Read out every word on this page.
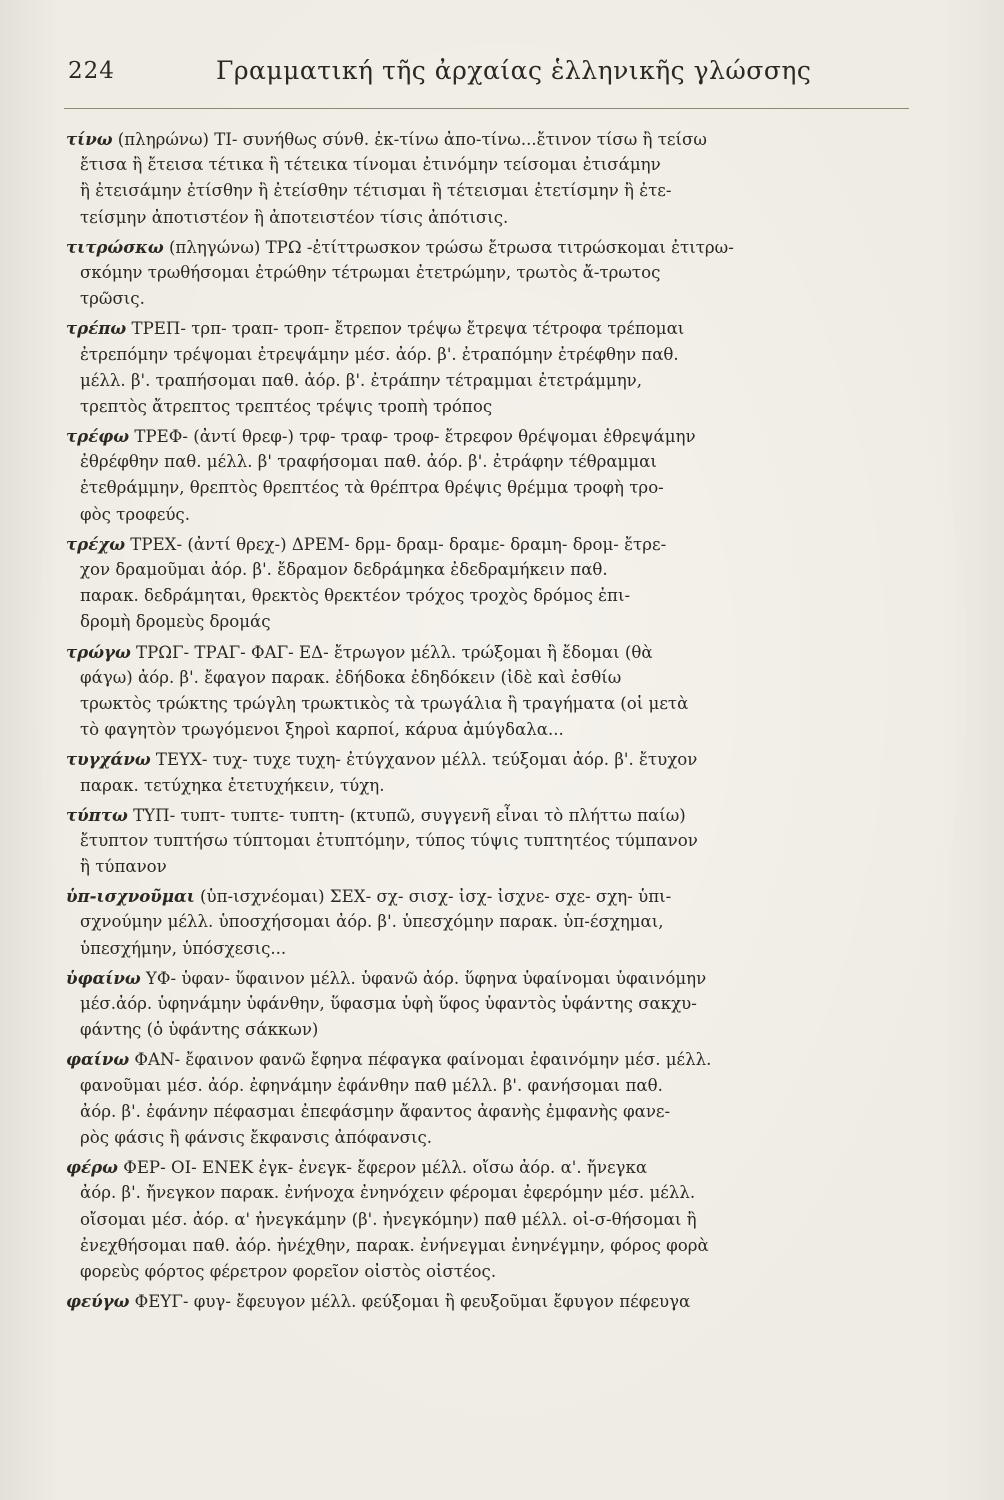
224	Γραμματική τῆς ἀρχαίας ἑλληνικῆς γλώσσης
τίνω (πληρώνω) ΤΙ- συνήθως σύνθ. ἐκ-τίνω ἀπο-τίνω...ἔτινον τίσω ἢ τείσω
ἔτισα ἢ ἔτεισα τέτικα ἢ τέτεικα τίνομαι ἐτινόμην τείσομαι ἐτισάμην
ἢ ἐτεισάμην ἐτίσθην ἢ ἐτείσθην τέτισμαι ἢ τέτεισμαι ἐτετίσμην ἢ ἐτε-
τείσμην ἀποτιστέον ἢ ἀποτειστέον τίσις ἀπότισις.
τιτρώσκω (πληγώνω) ΤΡΩ -ἐτίττρωσκον τρώσω ἔτρωσα τιτρώσκομαι ἐτιτρω-
σκόμην τρωθήσομαι ἐτρώθην τέτρωμαι ἐτετρώμην, τρωτὸς ἄ-τρωτος
τρῶσις.
τρέπω ΤΡΕΠ- τρπ- τραπ- τροπ- ἔτρεπον τρέψω ἔτρεψα τέτροφα τρέπομαι
ἐτρεπόμην τρέψομαι ἐτρεψάμην μέσ. ἀόρ. β'. ἐτραπόμην ἐτρέφθην παθ.
μέλλ. β'. τραπήσομαι παθ. ἀόρ. β'. ἐτράπην τέτραμμαι ἐτετράμμην,
τρεπτὸς ἄτρεπτος τρεπτέος τρέψις τροπὴ τρόπος
τρέφω ΤΡΕΦ- (ἀντί θρεφ-) τρφ- τραφ- τροφ- ἔτρεφον θρέψομαι ἐθρεψάμην
ἐθρέφθην παθ. μέλλ. β' τραφήσομαι παθ. ἀόρ. β'. ἐτράφην τέθραμμαι
ἐτεθράμμην, θρεπτὸς θρεπτέος τὰ θρέπτρα θρέψις θρέμμα τροφὴ τρο-
φὸς τροφεύς.
τρέχω ΤΡΕΧ- (ἀντί θρεχ-) ΔΡΕΜ- δρμ- δραμ- δραμε- δραμη- δρομ- ἔτρε-
χον δραμοῦμαι ἀόρ. β'. ἔδραμον δεδράμηκα ἐδεδραμήκειν παθ.
παρακ. δεδράμηται, θρεκτὸς θρεκτέον τρόχος τροχὸς δρόμος ἐπι-
δρομὴ δρομεὺς δρομάς
τρώγω ΤΡΩΓ- ΤΡΑΓ- ΦΑΓ- ΕΔ- ἔτρωγον μέλλ. τρώξομαι ἢ ἔδομαι (θὰ
φάγω) ἀόρ. β'. ἔφαγον παρακ. ἐδήδοκα ἐδηδόκειν (ἰδὲ καὶ ἐσθίω
τρωκτὸς τρώκτης τρώγλη τρωκτικὸς τὰ τρωγάλια ἢ τραγήματα (οἱ μετὰ
τὸ φαγητὸν τρωγόμενοι ξηροὶ καρποί, κάρυα ἀμύγδαλα...
τυγχάνω ΤΕΥΧ- τυχ- τυχε τυχη- ἐτύγχανον μέλλ. τεύξομαι ἀόρ. β'. ἔτυχον
παρακ. τετύχηκα ἐτετυχήκειν, τύχη.
τύπτω ΤΥΠ- τυπτ- τυπτε- τυπτη- (κτυπῶ, συγγενῆ εἶναι τὸ πλήττω παίω)
ἔτυπτον τυπτήσω τύπτομαι ἐτυπτόμην, τύπος τύψις τυπτητέος τύμπανον
ἢ τύπανον
ὑπ-ισχνοῦμαι (ὑπ-ισχνέομαι) ΣΕΧ- σχ- σισχ- ἰσχ- ἰσχνε- σχε- σχη- ὑπι-
σχνούμην μέλλ. ὑποσχήσομαι ἀόρ. β'. ὑπεσχόμην παρακ. ὑπ-έσχημαι,
ὑπεσχήμην, ὑπόσχεσις...
ὑφαίνω ΥΦ- ὑφαν- ὕφαινον μέλλ. ὑφανῶ ἀόρ. ὕφηνα ὑφαίνομαι ὑφαινόμην
μέσ.ἀόρ. ὑφηνάμην ὑφάνθην, ὕφασμα ὑφὴ ὕφος ὑφαντὸς ὑφάντης σακχυ-
φάντης (ὁ ὑφάντης σάκκων)
φαίνω ΦΑΝ- ἔφαινον φανῶ ἔφηνα πέφαγκα φαίνομαι ἐφαινόμην μέσ. μέλλ.
φανοῦμαι μέσ. ἀόρ. ἐφηνάμην ἐφάνθην παθ μέλλ. β'. φανήσομαι παθ.
ἀόρ. β'. ἐφάνην πέφασμαι ἐπεφάσμην ἄφαντος ἀφανὴς ἐμφανὴς φανε-
ρὸς φάσις ἢ φάνσις ἔκφανσις ἀπόφανσις.
φέρω ΦΕΡ- ΟΙ- ΕΝΕΚ ἐγκ- ἐνεγκ- ἔφερον μέλλ. οἴσω ἀόρ. α'. ἤνεγκα
ἀόρ. β'. ἤνεγκον παρακ. ἐνήνοχα ἐνηνόχειν φέρομαι ἐφερόμην μέσ. μέλλ.
οἴσομαι μέσ. ἀόρ. α' ἠνεγκάμην (β'. ἠνεγκόμην) παθ μέλλ. οἰ-σ-θήσομαι ἢ
ἐνεχθήσομαι παθ. ἀόρ. ἠνέχθην, παρακ. ἐνήνεγμαι ἐνηνέγμην, φόρος φορὰ
φορεὺς φόρτος φέρετρον φορεῖον οἰστὸς οἰστέος.
φεύγω ΦΕΥΓ- φυγ- ἔφευγον μέλλ. φεύξομαι ἢ φευξοῦμαι ἔφυγον πέφευγα
